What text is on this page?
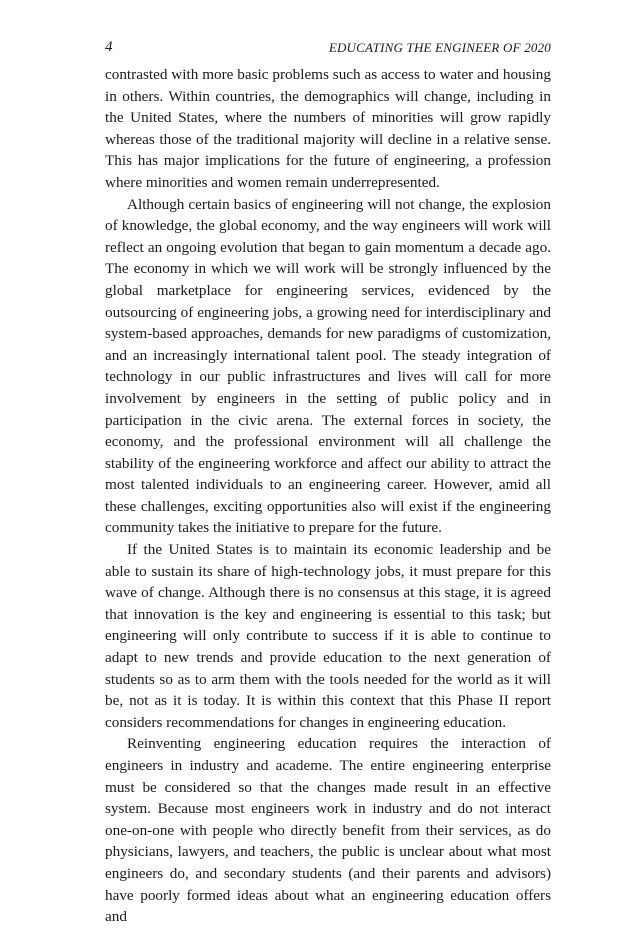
4	EDUCATING THE ENGINEER OF 2020

contrasted with more basic problems such as access to water and housing in others. Within countries, the demographics will change, including in the United States, where the numbers of minorities will grow rapidly whereas those of the traditional majority will decline in a relative sense. This has major implications for the future of engineering, a profession where minorities and women remain underrepresented.

Although certain basics of engineering will not change, the explosion of knowledge, the global economy, and the way engineers will work will reflect an ongoing evolution that began to gain momentum a decade ago. The economy in which we will work will be strongly influenced by the global marketplace for engineering services, evidenced by the outsourcing of engineering jobs, a growing need for interdisciplinary and system-based approaches, demands for new paradigms of customization, and an increasingly international talent pool. The steady integration of technology in our public infrastructures and lives will call for more involvement by engineers in the setting of public policy and in participation in the civic arena. The external forces in society, the economy, and the professional environment will all challenge the stability of the engineering workforce and affect our ability to attract the most talented individuals to an engineering career. However, amid all these challenges, exciting opportunities also will exist if the engineering community takes the initiative to prepare for the future.

If the United States is to maintain its economic leadership and be able to sustain its share of high-technology jobs, it must prepare for this wave of change. Although there is no consensus at this stage, it is agreed that innovation is the key and engineering is essential to this task; but engineering will only contribute to success if it is able to continue to adapt to new trends and provide education to the next generation of students so as to arm them with the tools needed for the world as it will be, not as it is today. It is within this context that this Phase II report considers recommendations for changes in engineering education.

Reinventing engineering education requires the interaction of engineers in industry and academe. The entire engineering enterprise must be considered so that the changes made result in an effective system. Because most engineers work in industry and do not interact one-on-one with people who directly benefit from their services, as do physicians, lawyers, and teachers, the public is unclear about what most engineers do, and secondary students (and their parents and advisors) have poorly formed ideas about what an engineering education offers and
